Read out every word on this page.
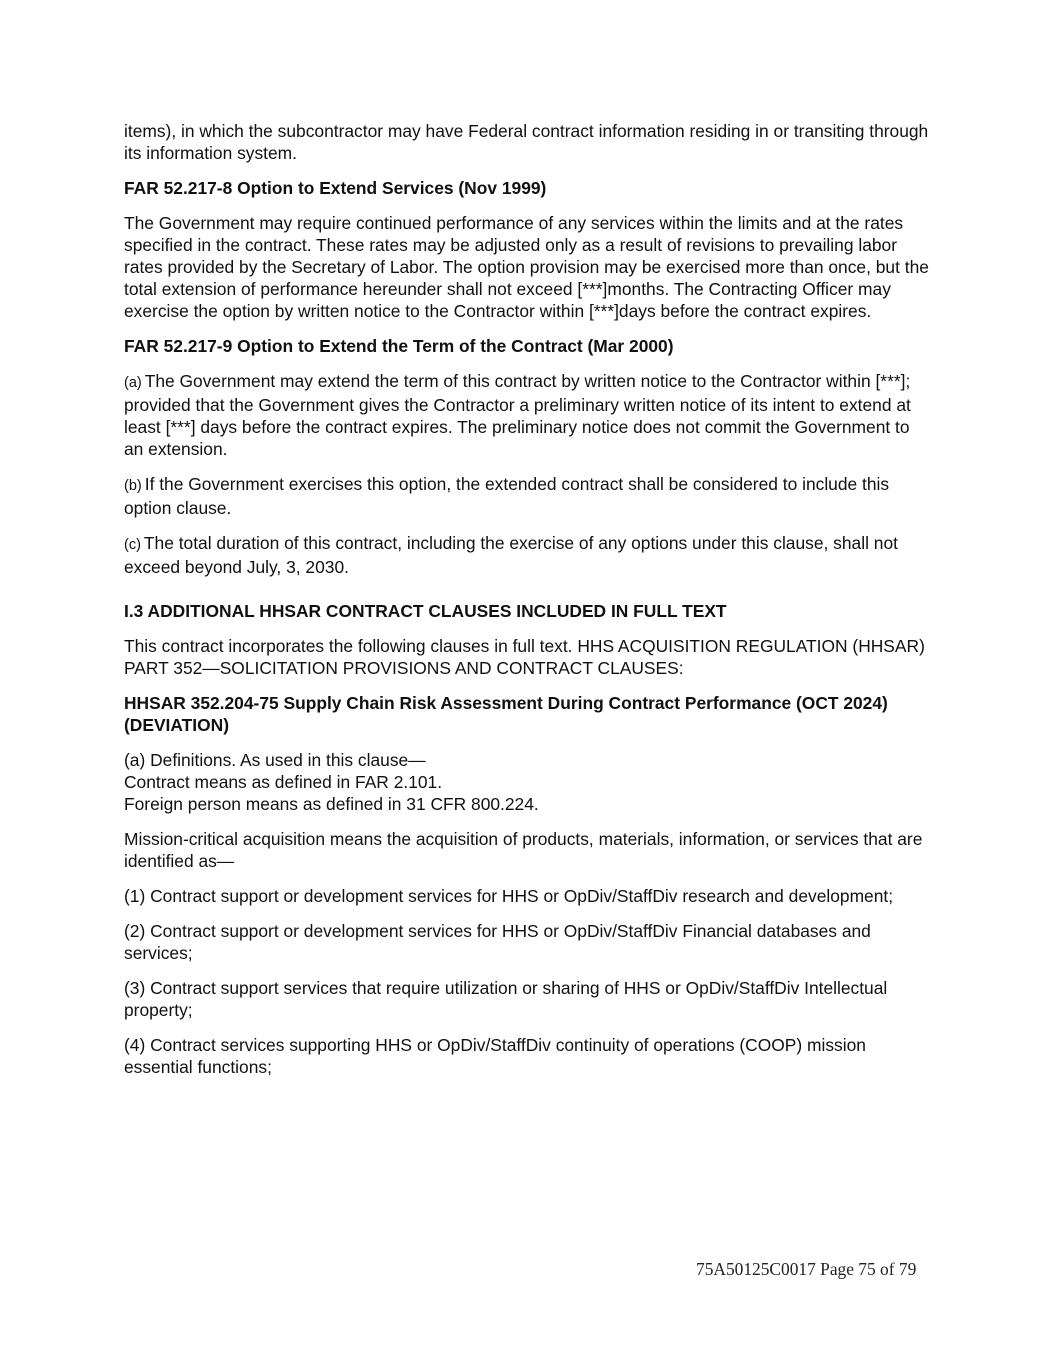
items), in which the subcontractor may have Federal contract information residing in or transiting through its information system.

FAR 52.217-8 Option to Extend Services (Nov 1999)

The Government may require continued performance of any services within the limits and at the rates specified in the contract. These rates may be adjusted only as a result of revisions to prevailing labor rates provided by the Secretary of Labor. The option provision may be exercised more than once, but the total extension of performance hereunder shall not exceed [***]months. The Contracting Officer may exercise the option by written notice to the Contractor within [***]days before the contract expires.

FAR 52.217-9 Option to Extend the Term of the Contract (Mar 2000)

(a) The Government may extend the term of this contract by written notice to the Contractor within [***]; provided that the Government gives the Contractor a preliminary written notice of its intent to extend at least [***] days before the contract expires. The preliminary notice does not commit the Government to an extension.

(b) If the Government exercises this option, the extended contract shall be considered to include this option clause.

(c) The total duration of this contract, including the exercise of any options under this clause, shall not exceed beyond July, 3, 2030.

I.3 ADDITIONAL HHSAR CONTRACT CLAUSES INCLUDED IN FULL TEXT

This contract incorporates the following clauses in full text. HHS ACQUISITION REGULATION (HHSAR) PART 352—SOLICITATION PROVISIONS AND CONTRACT CLAUSES:

HHSAR 352.204-75 Supply Chain Risk Assessment During Contract Performance (OCT 2024) (DEVIATION)

(a) Definitions. As used in this clause—
Contract means as defined in FAR 2.101.
Foreign person means as defined in 31 CFR 800.224.

Mission-critical acquisition means the acquisition of products, materials, information, or services that are identified as—

(1) Contract support or development services for HHS or OpDiv/StaffDiv research and development;

(2) Contract support or development services for HHS or OpDiv/StaffDiv Financial databases and services;

(3) Contract support services that require utilization or sharing of HHS or OpDiv/StaffDiv Intellectual property;

(4) Contract services supporting HHS or OpDiv/StaffDiv continuity of operations (COOP) mission essential functions;

75A50125C0017 Page 75 of 79
